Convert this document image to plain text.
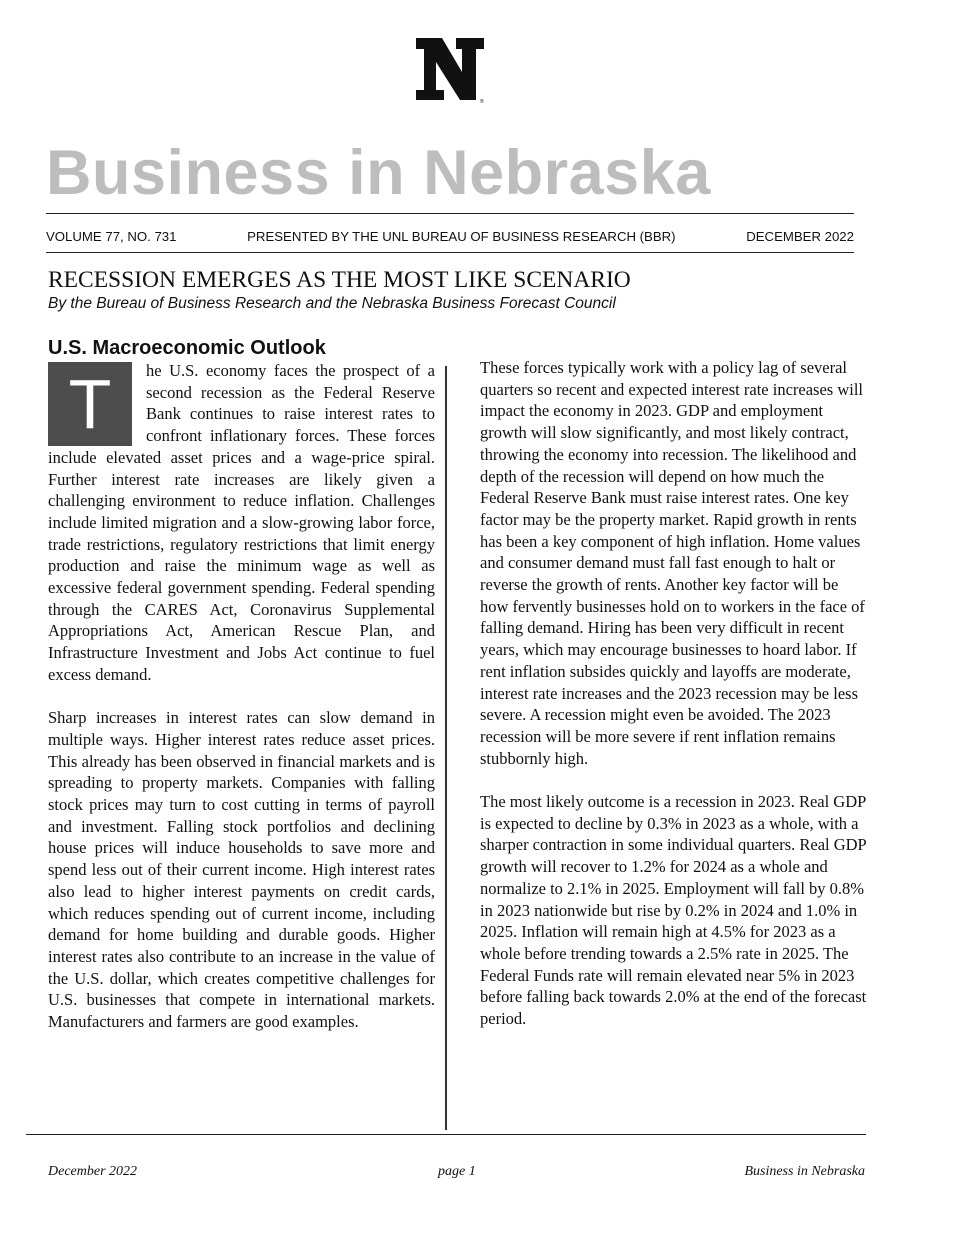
®
Business in Nebraska
VOLUME 77, NO. 731	PRESENTED BY THE UNL BUREAU OF BUSINESS RESEARCH (BBR)	DECEMBER 2022
RECESSION EMERGES AS THE MOST LIKE SCENARIO

By the Bureau of Business Research and the Nebraska Business Forecast Council

U.S. Macroeconomic Outlook

T	he U.S. economy faces the prospect of a second recession as the Federal Reserve Bank continues to raise interest rates to confront inflationary forces. These forces include elevated asset prices and a wage-price spiral. Further interest rate increases are likely given a challenging environment to reduce inflation. Challenges include limited migration and a slow-growing labor force, trade restrictions, regulatory restrictions that limit energy production and raise the minimum wage as well as excessive federal government spending. Federal spending through the CARES Act, Coronavirus Supplemental Appropriations Act, American Rescue Plan, and Infrastructure Investment and Jobs Act continue to fuel excess demand.

Sharp increases in interest rates can slow demand in multiple ways. Higher interest rates reduce asset prices. This already has been observed in financial markets and is spreading to property markets. Companies with falling stock prices may turn to cost cutting in terms of payroll and investment. Falling stock portfolios and declining house prices will induce households to save more and spend less out of their current income. High interest rates also lead to higher interest payments on credit cards, which reduces spending out of current income, including demand for home building and durable goods. Higher interest rates also contribute to an increase in the value of the U.S. dollar, which creates competitive challenges for U.S. businesses that compete in international markets. Manufacturers and farmers are good examples.

These forces typically work with a policy lag of several quarters so recent and expected interest rate increases will impact the economy in 2023. GDP and employment growth will slow significantly, and most likely contract, throwing the economy into recession. The likelihood and depth of the recession will depend on how much the Federal Reserve Bank must raise interest rates. One key factor may be the property market. Rapid growth in rents has been a key component of high inflation. Home values and consumer demand must fall fast enough to halt or reverse the growth of rents. Another key factor will be how fervently businesses hold on to workers in the face of falling demand. Hiring has been very difficult in recent years, which may encourage businesses to hoard labor. If rent inflation subsides quickly and layoffs are moderate, interest rate increases and the 2023 recession may be less severe. A recession might even be avoided. The 2023 recession will be more severe if rent inflation remains stubbornly high.

The most likely outcome is a recession in 2023. Real GDP is expected to decline by 0.3% in 2023 as a whole, with a sharper contraction in some individual quarters. Real GDP growth will recover to 1.2% for 2024 as a whole and normalize to 2.1% in 2025. Employment will fall by 0.8% in 2023 nationwide but rise by 0.2% in 2024 and 1.0% in 2025. Inflation will remain high at 4.5% for 2023 as a whole before trending towards a 2.5% rate in 2025. The Federal Funds rate will remain elevated near 5% in 2023 before falling back towards 2.0% at the end of the forecast period.

December 2022	page 1	Business in Nebraska
